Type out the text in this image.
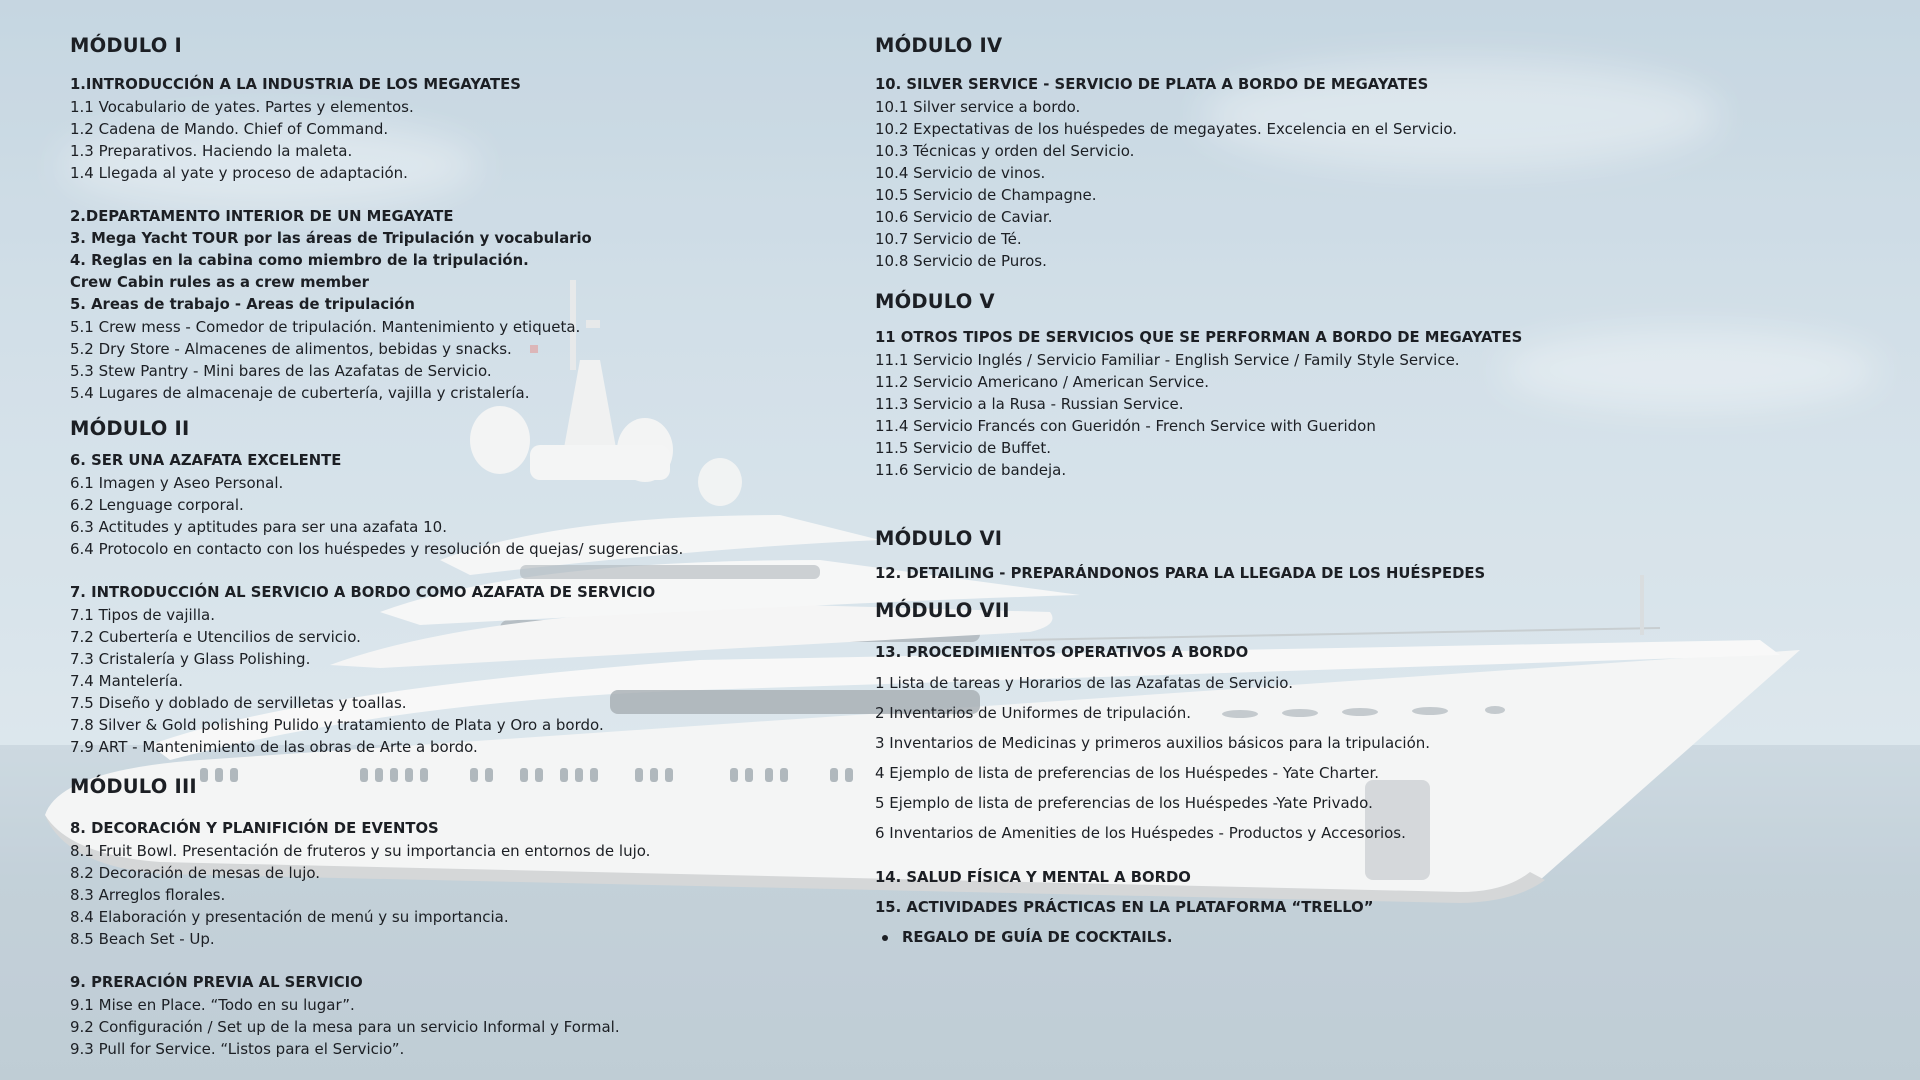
MÓDULO I

1.INTRODUCCIÓN A LA INDUSTRIA DE LOS MEGAYATES

1.1 Vocabulario de yates. Partes y elementos.

1.2 Cadena de Mando. Chief of Command.

1.3 Preparativos. Haciendo la maleta.

1.4 Llegada al yate y proceso de adaptación.

2.DEPARTAMENTO INTERIOR DE UN MEGAYATE

3. Mega Yacht TOUR por las áreas de Tripulación y vocabulario

4. Reglas en la cabina como miembro de la tripulación.

Crew Cabin rules as a crew member

5. Areas de trabajo - Areas de tripulación

5.1 Crew mess - Comedor de tripulación. Mantenimiento y etiqueta.

5.2 Dry Store - Almacenes de alimentos, bebidas y snacks.

5.3 Stew Pantry - Mini bares de las Azafatas de Servicio.

5.4 Lugares de almacenaje de cubertería, vajilla y cristalería.

MÓDULO II

6. SER UNA AZAFATA EXCELENTE

6.1 Imagen y Aseo Personal.

6.2 Lenguage corporal.

6.3 Actitudes y aptitudes para ser una azafata 10.

6.4 Protocolo en contacto con los huéspedes y resolución de quejas/ sugerencias.

7. INTRODUCCIÓN AL SERVICIO A BORDO COMO AZAFATA DE SERVICIO

7.1 Tipos de vajilla.

7.2 Cubertería e Utencilios de servicio.

7.3 Cristalería y Glass Polishing.

7.4 Mantelería.

7.5 Diseño y doblado de servilletas y toallas.

7.8 Silver & Gold polishing Pulido y tratamiento de Plata y Oro a bordo.

7.9 ART - Mantenimiento de las obras de Arte a bordo.

MÓDULO III

8. DECORACIÓN Y PLANIFICIÓN DE EVENTOS

8.1 Fruit Bowl. Presentación de fruteros y su importancia en entornos de lujo.

8.2 Decoración de mesas de lujo.

8.3 Arreglos florales.

8.4 Elaboración y presentación de menú y su importancia.

8.5 Beach Set - Up.

9. PRERACIÓN PREVIA AL SERVICIO

9.1 Mise en Place. “Todo en su lugar”.

9.2 Configuración / Set up de la mesa para un servicio Informal y Formal.

9.3 Pull for Service. “Listos para el Servicio”.

MÓDULO IV

10. SILVER SERVICE - SERVICIO DE PLATA A BORDO DE MEGAYATES

10.1 Silver service a bordo.

10.2 Expectativas de los huéspedes de megayates. Excelencia en el Servicio.

10.3 Técnicas y orden del Servicio.

10.4 Servicio de vinos.

10.5 Servicio de Champagne.

10.6 Servicio de Caviar.

10.7 Servicio de Té.

10.8 Servicio de Puros.

MÓDULO V

11 OTROS TIPOS DE SERVICIOS QUE SE PERFORMAN A BORDO DE MEGAYATES

11.1 Servicio Inglés / Servicio Familiar - English Service / Family Style Service.

11.2 Servicio Americano / American Service.

11.3 Servicio a la Rusa - Russian Service.

11.4 Servicio Francés con Gueridón - French Service with Gueridon

11.5 Servicio de Buffet.

11.6 Servicio de bandeja.

MÓDULO VI

12. DETAILING - PREPARÁNDONOS PARA LA LLEGADA DE LOS HUÉSPEDES

MÓDULO VII

13. PROCEDIMIENTOS OPERATIVOS A BORDO

1 Lista de tareas y Horarios de las Azafatas de Servicio.

2 Inventarios de Uniformes de tripulación.

3 Inventarios de Medicinas y primeros auxilios básicos para la tripulación.

4 Ejemplo de lista de preferencias de los Huéspedes - Yate Charter.

5 Ejemplo de lista de preferencias de los Huéspedes -Yate Privado.

6 Inventarios de Amenities de los Huéspedes - Productos y Accesorios.

14. SALUD FÍSICA Y MENTAL A BORDO

15. ACTIVIDADES PRÁCTICAS EN LA PLATAFORMA “TRELLO”

REGALO DE GUÍA DE COCKTAILS.
